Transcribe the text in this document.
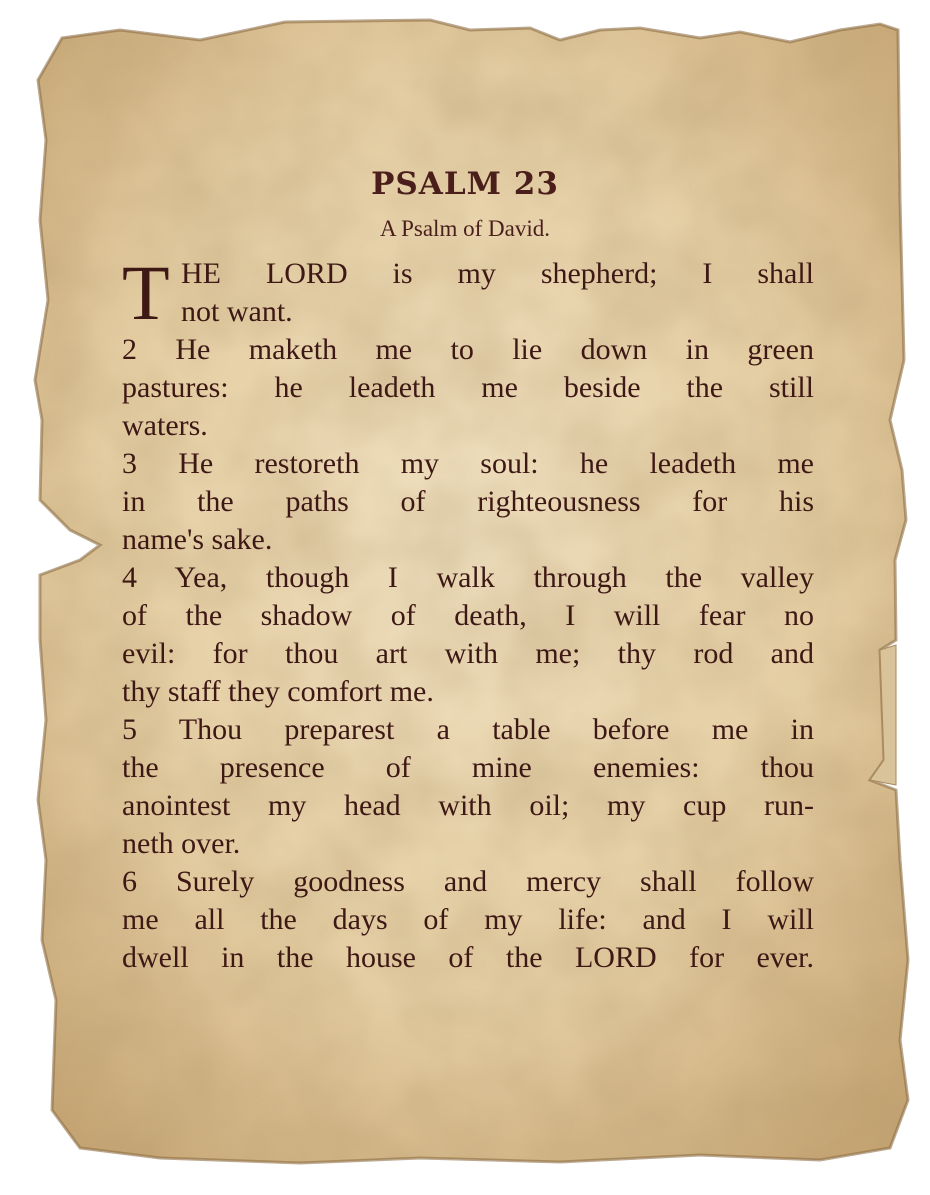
PSALM 23
A Psalm of David.
T HE LORD is my shepherd; I shall
not want.
2 He maketh me to lie down in green
pastures: he leadeth me beside the still
waters.
3 He restoreth my soul: he leadeth me
in the paths of righteousness for his
name's sake.
4 Yea, though I walk through the valley
of the shadow of death, I will fear no
evil: for thou art with me; thy rod and
thy staff they comfort me.
5 Thou preparest a table before me in
the presence of mine enemies: thou
anointest my head with oil; my cup run-
neth over.
6 Surely goodness and mercy shall follow
me all the days of my life: and I will
dwell in the house of the LORD for ever.
